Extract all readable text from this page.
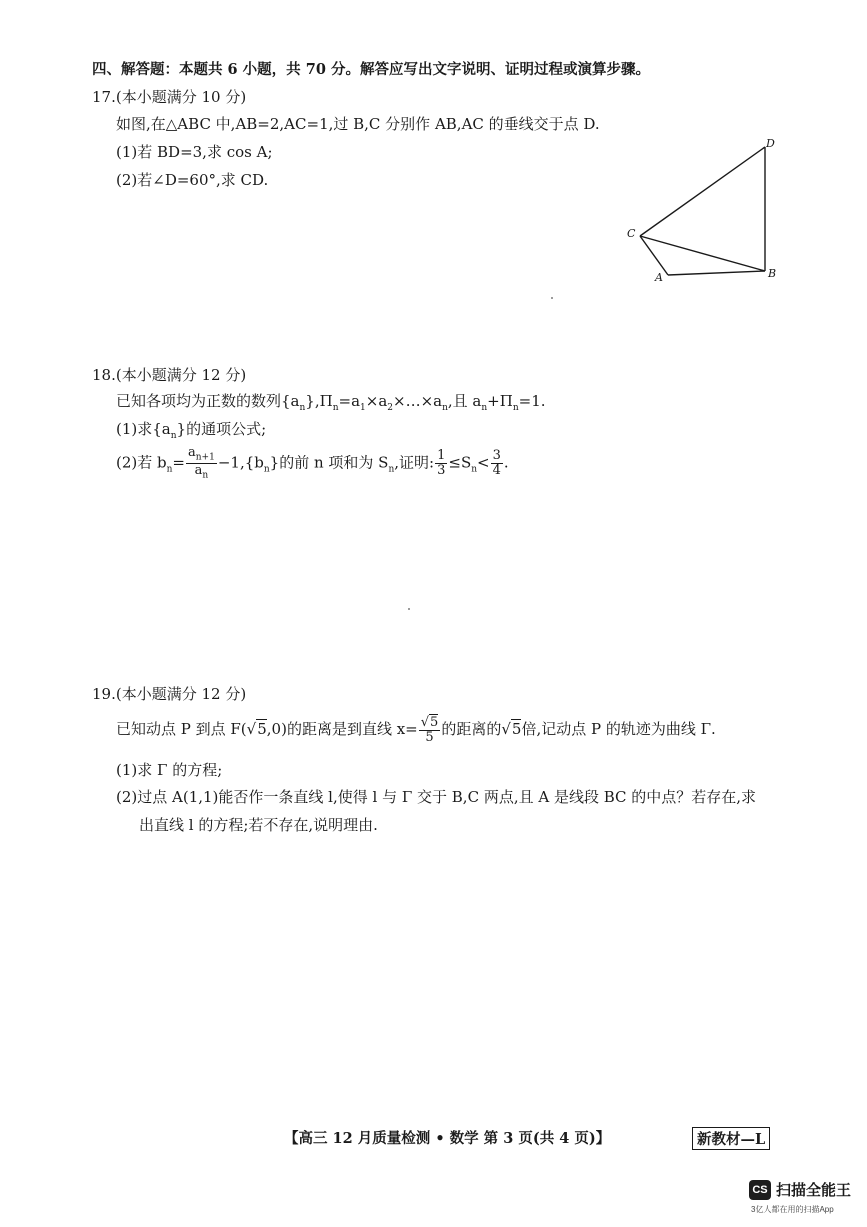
四、解答题：本题共 6 小题，共 70 分。解答应写出文字说明、证明过程或演算步骤。
17.(本小题满分 10 分)
如图,在△ABC 中,AB=2,AC=1,过 B,C 分别作 AB,AC 的垂线交于点 D.
(1)若 BD=3,求 cos A;
(2)若∠D=60°,求 CD.
D
C
A	B
18.(本小题满分 12 分)
已知各项均为正数的数列$\{a_n\},\Pi_n=a_1\times a_2\times\dots\times a_n$,且 $a_n+\Pi_n=1$.
(1)求$\{a_n\}$的通项公式;
(2)若 $b_n= \frac{a_{n+1}}{a_n} -1,\{b_n\}$的前 n 项和为 $S_n$,证明: $\frac{1}{3} \le S_n< \frac{3}{4}$ .
19.(本小题满分 12 分)
已知动点 P 到点 F(√5,0)的距离是到直线 $x= \frac{√5}{5}$ 的距离的√5倍,记动点 P 的轨迹为曲线 Γ.
(1)求 Γ 的方程;
(2)过点 A(1,1)能否作一条直线 l,使得 l 与 Γ 交于 B,C 两点,且 A 是线段 BC 的中点？若存在,求
出直线 l 的方程;若不存在,说明理由.
【高三 12 月质量检测 • 数学 第 3 页(共 4 页)】	新教材—L
CS 扫描全能王
3亿人都在用的扫描App
